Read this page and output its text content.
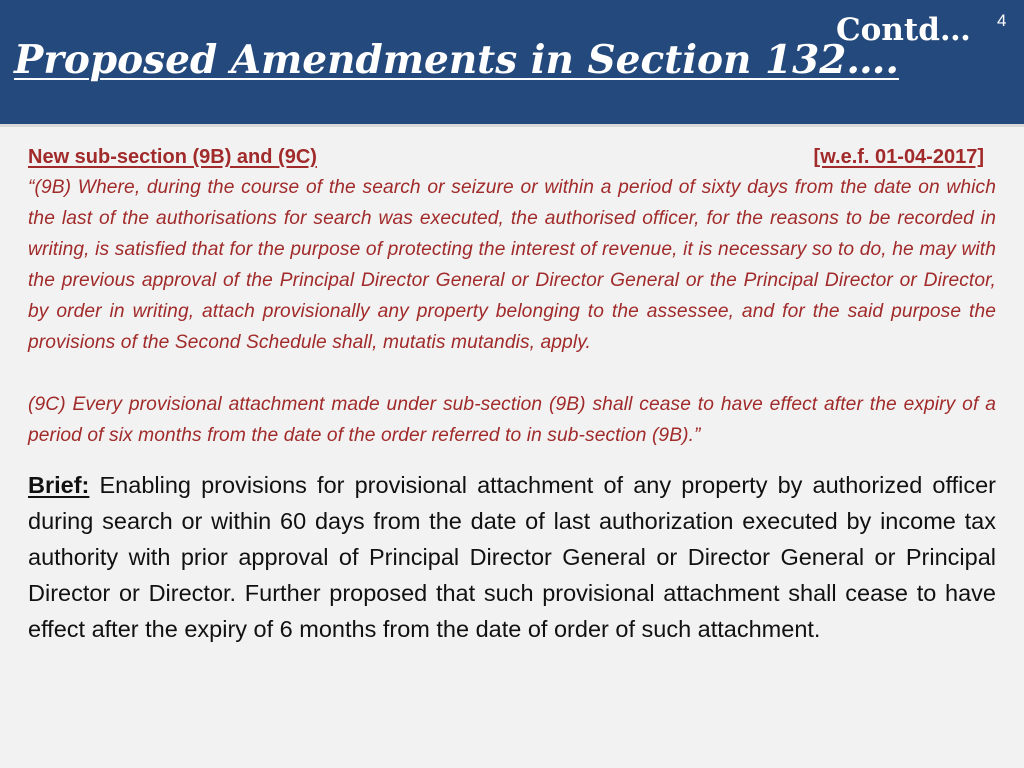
Proposed Amendments in Section 132….
Contd… 4
New sub-section (9B) and (9C)	[w.e.f. 01-04-2017]

“(9B) Where, during the course of the search or seizure or within a period of sixty days from the date on which the last of the authorisations for search was executed, the authorised officer, for the reasons to be recorded in writing, is satisfied that for the purpose of protecting the interest of revenue, it is necessary so to do, he may with the previous approval of the Principal Director General or Director General or the Principal Director or Director, by order in writing, attach provisionally any property belonging to the assessee, and for the said purpose the provisions of the Second Schedule shall, mutatis mutandis, apply.

(9C) Every provisional attachment made under sub-section (9B) shall cease to have effect after the expiry of a period of six months from the date of the order referred to in sub-section (9B).”

Brief: Enabling provisions for provisional attachment of any property by authorized officer during search or within 60 days from the date of last authorization executed by income tax authority with prior approval of Principal Director General or Director General or Principal Director or Director. Further proposed that such provisional attachment shall cease to have effect after the expiry of 6 months from the date of order of such attachment.
